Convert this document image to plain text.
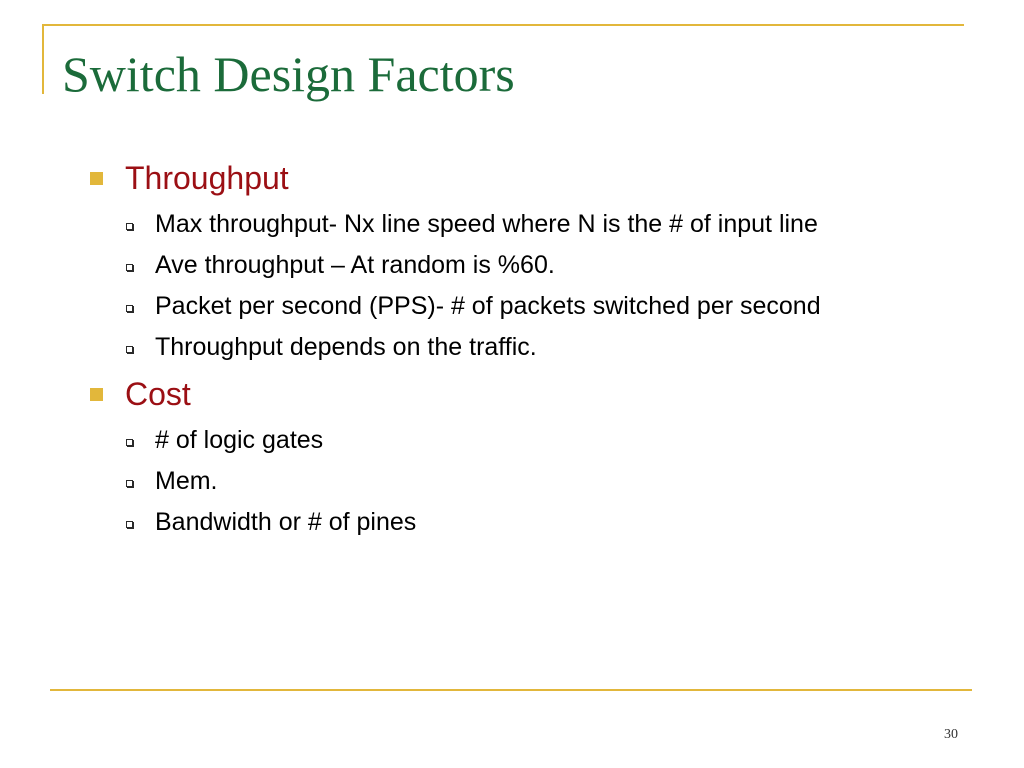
Switch Design Factors
Throughput
Max throughput- Nx line speed where N is the # of input line
Ave throughput – At random is %60.
Packet per second (PPS)- # of packets switched per second
Throughput depends on the traffic.
Cost
# of logic gates
Mem.
Bandwidth or # of pines
30
